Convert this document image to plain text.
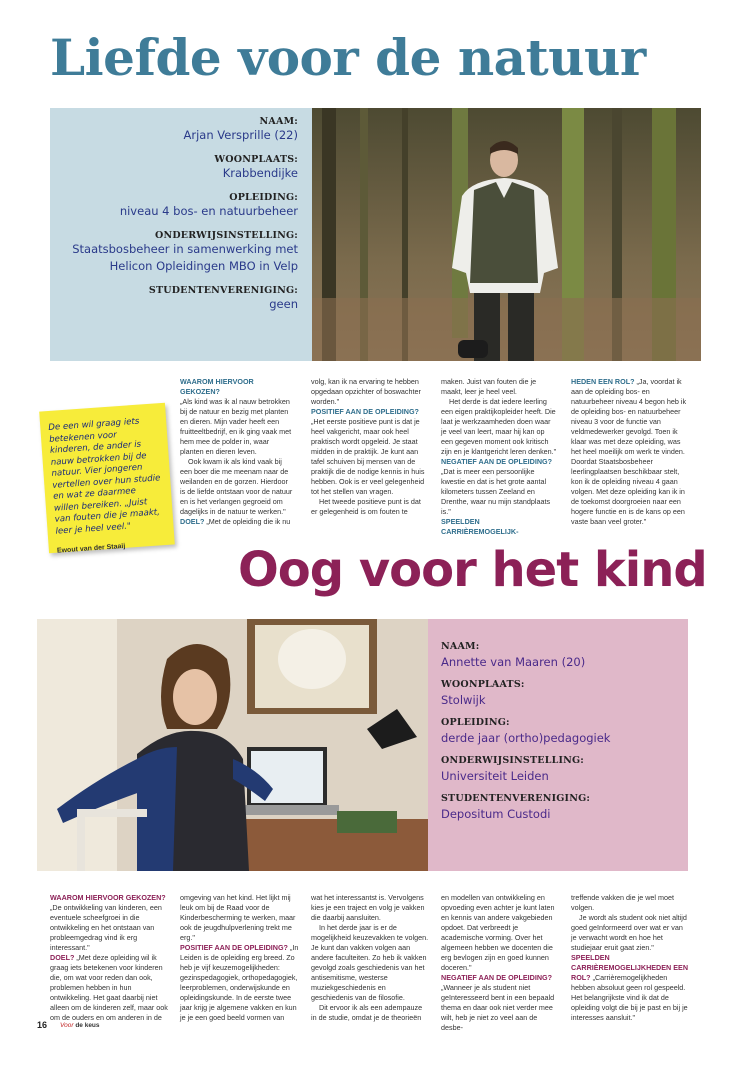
Liefde voor de natuur
NAAM:
Arjan Versprille (22)
WOONPLAATS:
Krabbendijke
OPLEIDING:
niveau 4 bos- en natuurbeheer
ONDERWIJSINSTELLING:
Staatsbosbeheer in samenwerking met
Helicon Opleidingen MBO in Velp
STUDENTENVERENIGING:
geen
De een wil graag iets betekenen voor kinderen, de ander is nauw betrokken bij de natuur. Vier jongeren vertellen over hun studie en wat ze daarmee willen bereiken. „Juist van fouten die je maakt, leer je heel veel."
Ewout van der Staaij
WAAROM HIERVOOR GEKOZEN?

„Als kind was ik al nauw betrokken bij de natuur en bezig met planten en dieren. Mijn vader heeft een fruitteeltbedrijf, en ik ging vaak met hem mee de polder in, waar planten en dieren leven.

Ook kwam ik als kind vaak bij een boer die me meenam naar de weilanden en de gorzen. Hierdoor is de liefde ontstaan voor de natuur en is het verlangen gegroeid om dagelijks in de natuur te werken."

DOEL? „Met de opleiding die ik nu

volg, kan ik na ervaring te hebben opgedaan opzichter of boswachter worden."

POSITIEF AAN DE OPLEIDING?

„Het eerste positieve punt is dat je heel vakgericht, maar ook heel praktisch wordt opgeleid. Je staat midden in de praktijk. Je kunt aan tafel schuiven bij mensen van de praktijk die de nodige kennis in huis hebben. Ook is er veel gelegenheid tot het stellen van vragen.

Het tweede positieve punt is dat er gelegenheid is om fouten te

maken. Juist van fouten die je maakt, leer je heel veel.

Het derde is dat iedere leerling een eigen praktijkopleider heeft. Die laat je werkzaamheden doen waar je veel van leert, maar hij kan op een gegeven moment ook kritisch zijn en je klantgericht leren denken."

NEGATIEF AAN DE OPLEIDING?

„Dat is meer een persoonlijke kwestie en dat is het grote aantal kilometers tussen Zeeland en Drenthe, waar nu mijn standplaats is."

SPEELDEN CARRIÈREMOGELIJK-
HEDEN EEN ROL? „Ja, voordat ik aan de opleiding bos- en natuurbeheer niveau 4 begon heb ik de opleiding bos- en natuurbeheer niveau 3 voor de functie van veldmedewerker gevolgd. Toen ik klaar was met deze opleiding, was het heel moeilijk om werk te vinden. Doordat Staatsbosbeheer leerlingplaatsen beschikbaar stelt, kon ik de opleiding niveau 4 gaan volgen. Met deze opleiding kan ik in de toekomst doorgroeien naar een hogere functie en is de kans op een vaste baan veel groter."
Oog voor het kind
NAAM:
Annette van Maaren (20)
WOONPLAATS:
Stolwijk
OPLEIDING:
derde jaar (ortho)pedagogiek
ONDERWIJSINSTELLING:
Universiteit Leiden
STUDENTENVERENIGING:
Depositum Custodi
WAAROM HIERVOOR GEKOZEN?

„De ontwikkeling van kinderen, een eventuele scheefgroei in die ontwikkeling en het ontstaan van probleemgedrag vind ik erg interessant."

DOEL? „Met deze opleiding wil ik graag iets betekenen voor kinderen die, om wat voor reden dan ook, problemen hebben in hun ontwikkeling. Het gaat daarbij niet alleen om de kinderen zelf, maar ook om de ouders en om anderen in de

omgeving van het kind. Het lijkt mij leuk om bij de Raad voor de Kinderbescherming te werken, maar ook de jeugdhulpverlening trekt me erg."

POSITIEF AAN DE OPLEIDING? „In Leiden is de opleiding erg breed. Zo heb je vijf keuzemogelijkheden: gezinspedagogiek, orthopedagogiek, leerproblemen, onderwijskunde en opleidingskunde. In de eerste twee jaar krijg je algemene vakken en kun je je een goed beeld vormen van

wat het interessantst is. Vervolgens kies je een traject en volg je vakken die daarbij aansluiten.

In het derde jaar is er de mogelijkheid keuzevakken te volgen. Je kunt dan vakken volgen aan andere faculteiten. Zo heb ik vakken gevolgd zoals geschiedenis van het antisemitisme, westerse muziekgeschiedenis en geschiedenis van de filosofie.

Dit ervoor ik als een adempauze in de studie, omdat je de theorieën

en modellen van ontwikkeling en opvoeding even achter je kunt laten en kennis van andere vakgebieden opdoet. Dat verbreedt je academische vorming. Over het algemeen hebben we docenten die erg bevlogen zijn en goed kunnen doceren."

NEGATIEF AAN DE OPLEIDING? „Wanneer je als student niet geïnteresseerd bent in een bepaald thema en daar ook niet verder mee wilt, heb je niet zo veel aan de desbe-

treffende vakken die je wel moet volgen.

Je wordt als student ook niet altijd goed geïnformeerd over wat er van je verwacht wordt en hoe het studiejaar eruit gaat zien."

SPEELDEN CARRIÈREMOGELIJKHEDEN EEN ROL? „Carrièremogelijkheden hebben absoluut geen rol gespeeld. Het belangrijkste vind ik dat de opleiding volgt die bij je past en bij je interesses aansluit."
16 Voor de keus
